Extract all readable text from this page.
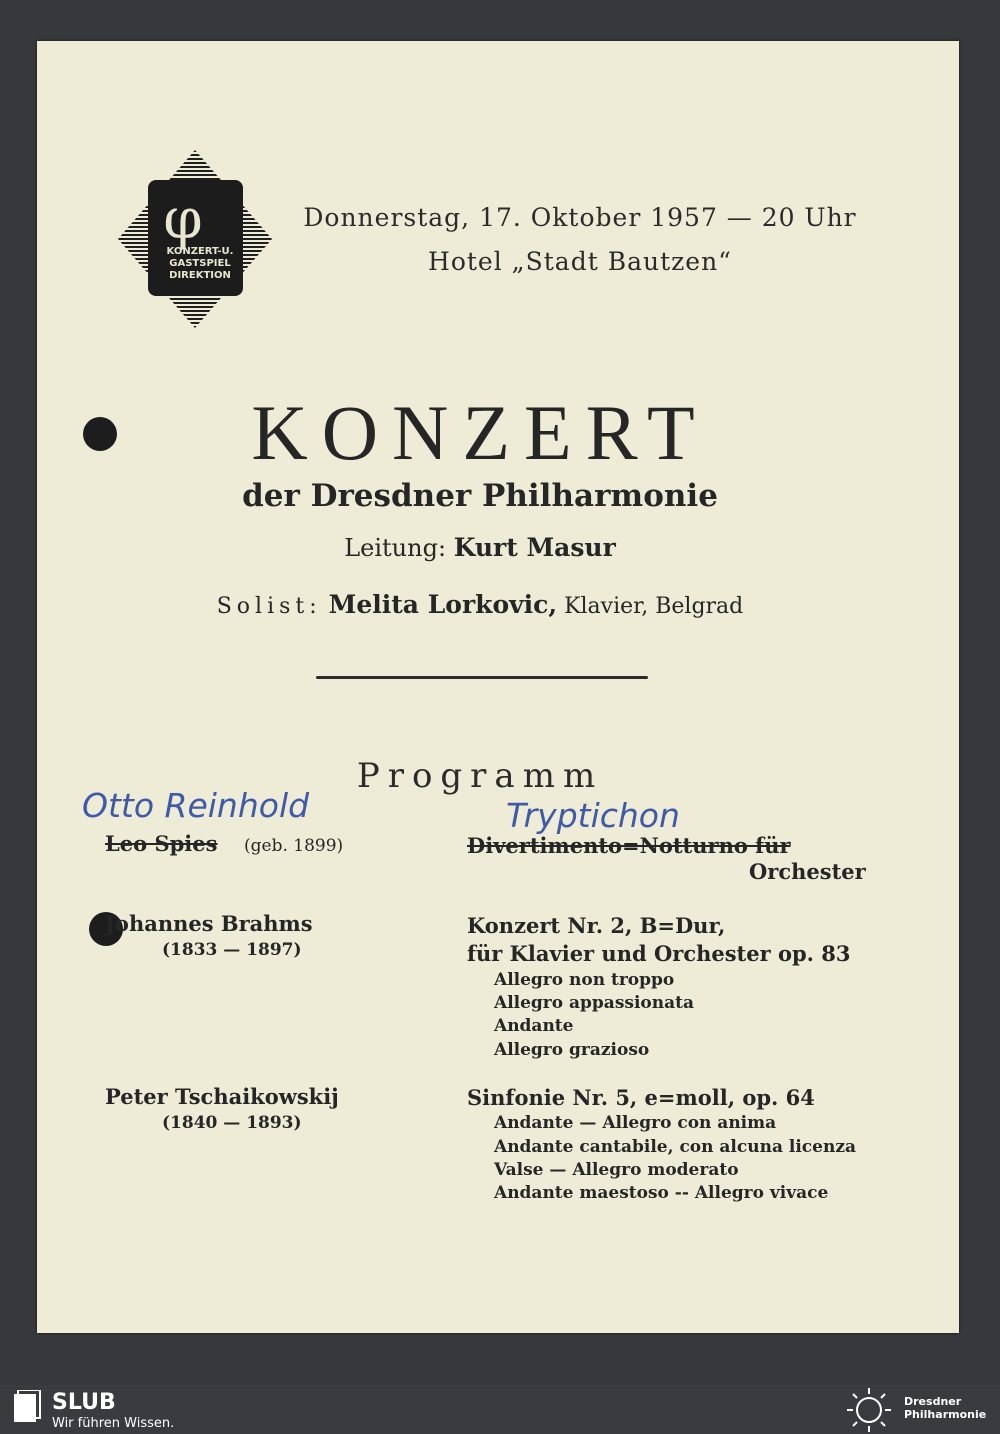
φ
KONZERT-U.
GASTSPIEL
DIREKTION
Donnerstag, 17. Oktober 1957 — 20 Uhr
Hotel „Stadt Bautzen“
KONZERT
der Dresdner Philharmonie
Leitung: Kurt Masur
Solist: Melita Lorkovic, Klavier, Belgrad
Programm
Otto Reinhold	Tryptichon
Leo Spies (geb. 1899)	Divertimento=Notturno für
Orchester
Johannes Brahms
(1833 — 1897)
Konzert Nr. 2, B=Dur,
für Klavier und Orchester op. 83
Allegro non troppo
Allegro appassionata
Andante
Allegro grazioso
Peter Tschaikowskij
(1840 — 1893)
Sinfonie Nr. 5, e=moll, op. 64
Andante — Allegro con anima
Andante cantabile, con alcuna licenza
Valse — Allegro moderato
Andante maestoso -- Allegro vivace
SLUB
Wir führen Wissen.
Dresdner
Philharmonie
